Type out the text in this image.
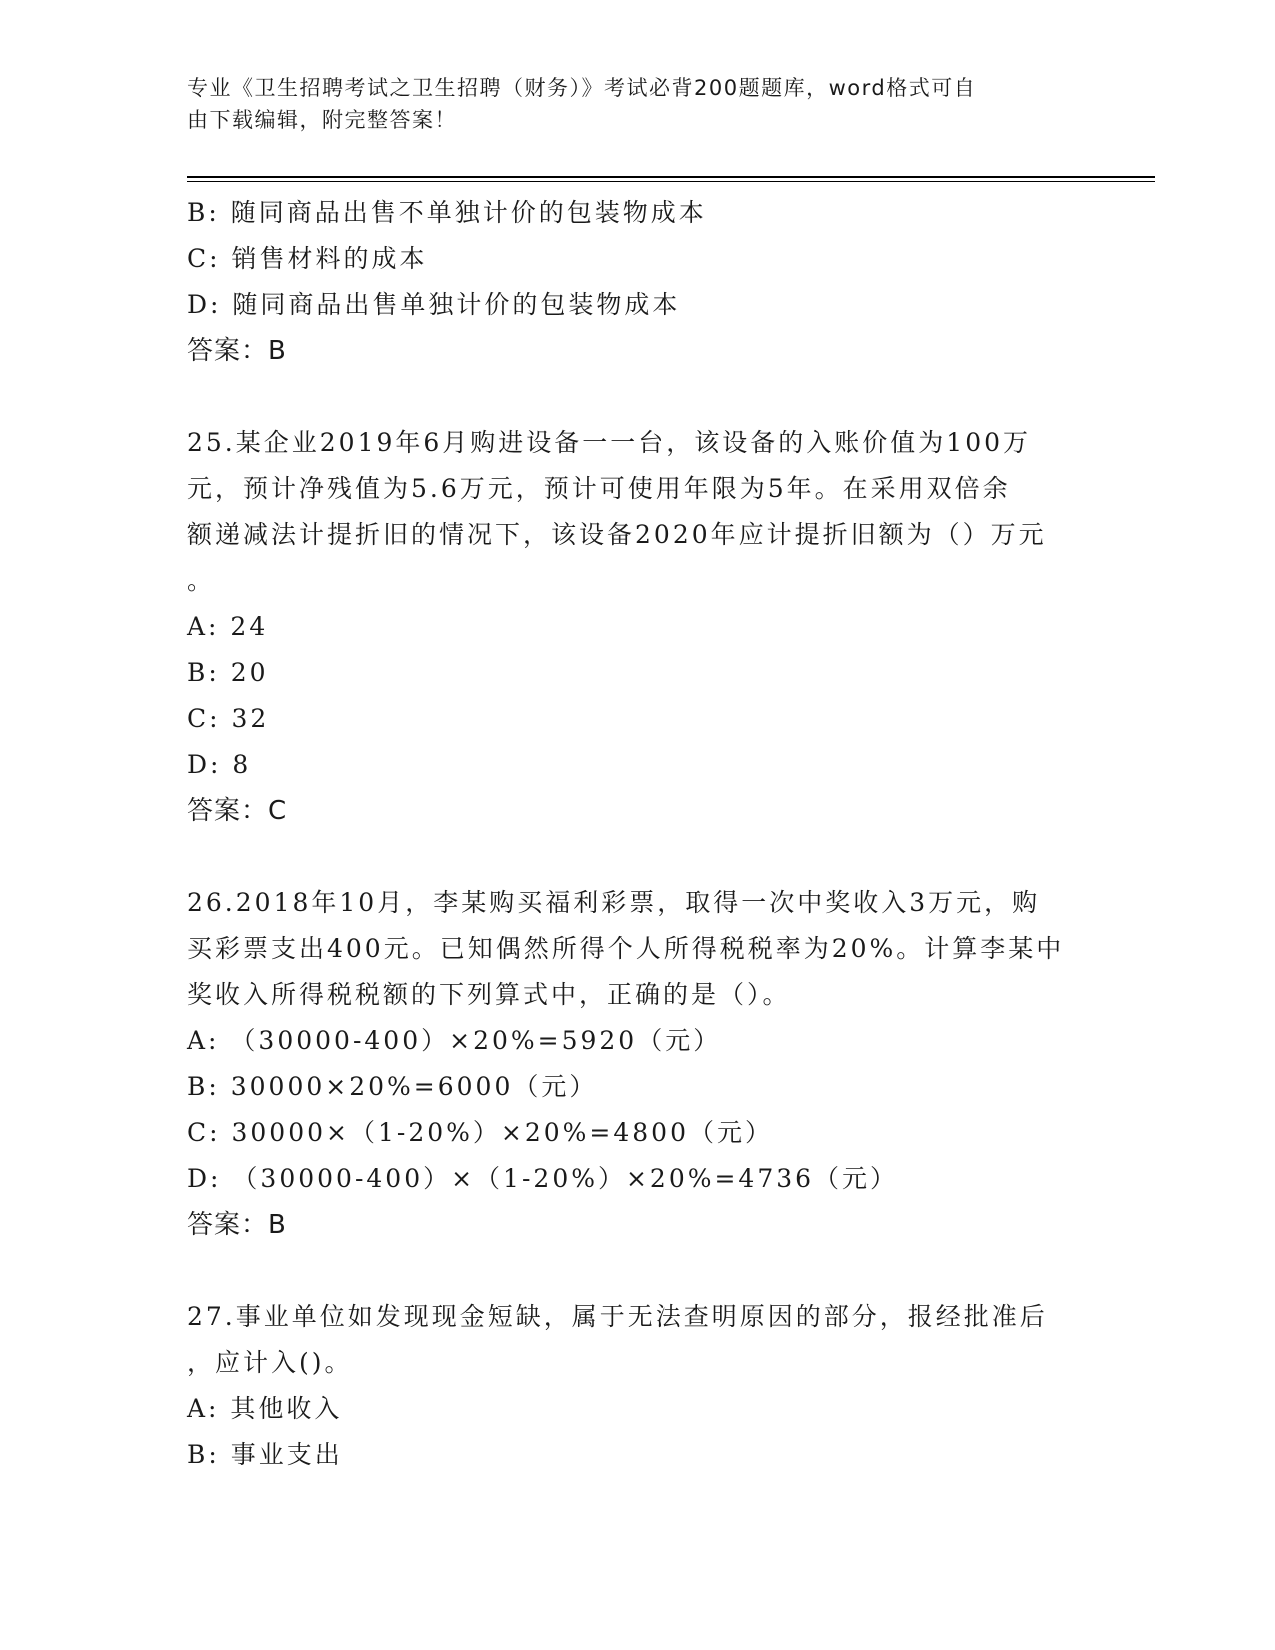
专业《卫生招聘考试之卫生招聘（财务）》考试必背200题题库，word格式可自
由下载编辑，附完整答案！
B: 随同商品出售不单独计价的包装物成本
C: 销售材料的成本
D: 随同商品出售单独计价的包装物成本
答案：B
25.某企业2019年6月购进设备一一台，该设备的入账价值为100万
元，预计净残值为5.6万元，预计可使用年限为5年。在采用双倍余
额递减法计提折旧的情况下，该设备2020年应计提折旧额为（）万元
。
A: 24
B: 20
C: 32
D: 8
答案：C
26.2018年10月，李某购买福利彩票，取得一次中奖收入3万元，购
买彩票支出400元。已知偶然所得个人所得税税率为20%。计算李某中
奖收入所得税税额的下列算式中，正确的是（）。
A: （30000-400）×20%=5920（元）
B: 30000×20%=6000（元）
C: 30000×（1-20%）×20%=4800（元）
D: （30000-400）×（1-20%）×20%=4736（元）
答案：B
27.事业单位如发现现金短缺，属于无法查明原因的部分，报经批准后
，应计入()。
A: 其他收入
B: 事业支出
